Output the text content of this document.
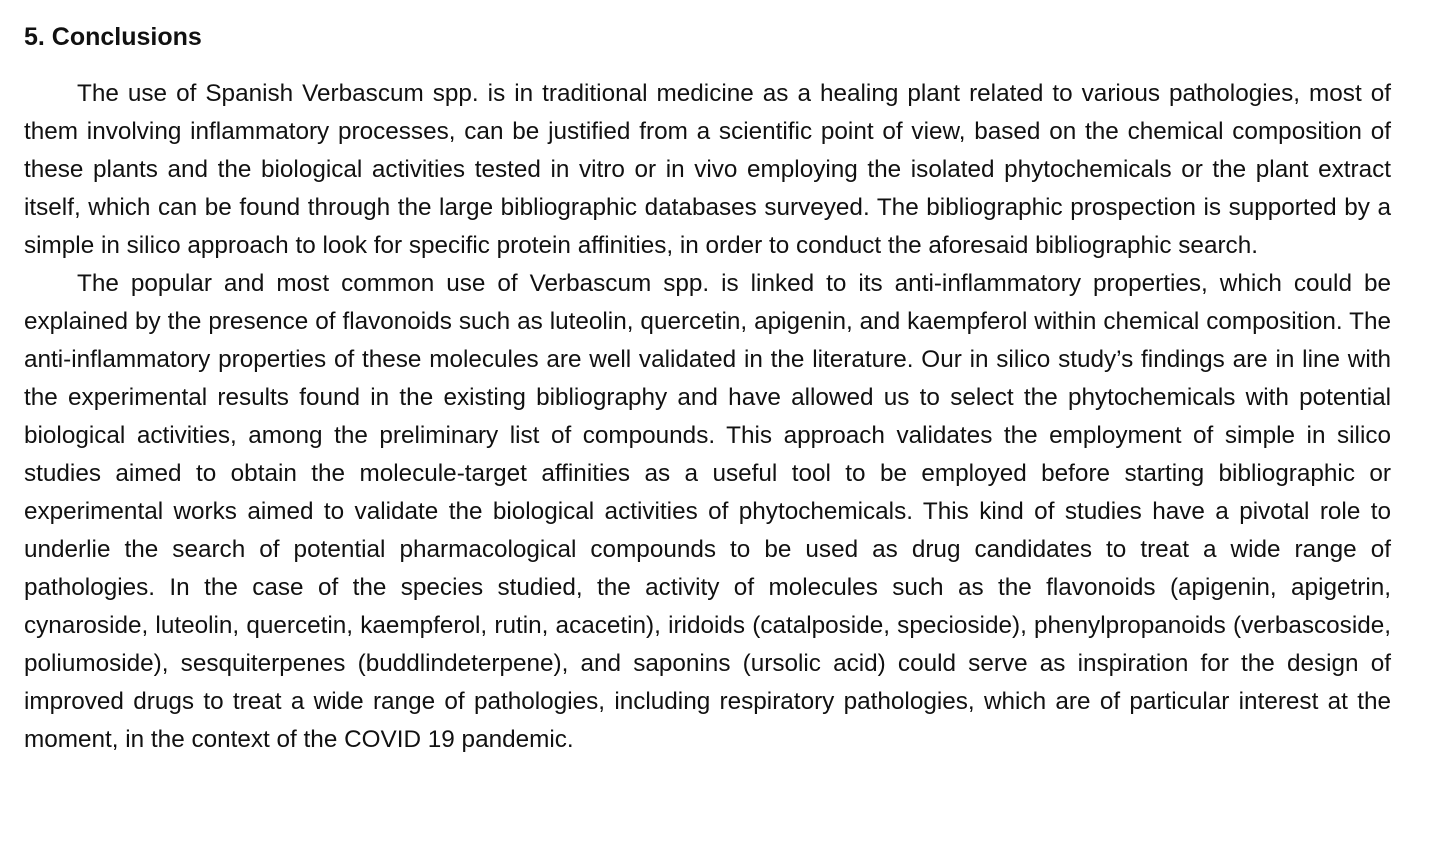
5. Conclusions

The use of Spanish Verbascum spp. is in traditional medicine as a healing plant related to various pathologies, most of them involving inflammatory processes, can be justified from a scientific point of view, based on the chemical composition of these plants and the biological activities tested in vitro or in vivo employing the isolated phytochemicals or the plant extract itself, which can be found through the large bibliographic databases surveyed. The bibliographic prospection is supported by a simple in silico approach to look for specific protein affinities, in order to conduct the aforesaid bibliographic search.

The popular and most common use of Verbascum spp. is linked to its anti-inflammatory properties, which could be explained by the presence of flavonoids such as luteolin, quercetin, apigenin, and kaempferol within chemical composition. The anti-inflammatory properties of these molecules are well validated in the literature. Our in silico study’s findings are in line with the experimental results found in the existing bibliography and have allowed us to select the phytochemicals with potential biological activities, among the preliminary list of compounds. This approach validates the employment of simple in silico studies aimed to obtain the molecule-target affinities as a useful tool to be employed before starting bibliographic or experimental works aimed to validate the biological activities of phytochemicals. This kind of studies have a pivotal role to underlie the search of potential pharmacological compounds to be used as drug candidates to treat a wide range of pathologies. In the case of the species studied, the activity of molecules such as the flavonoids (apigenin, apigetrin, cynaroside, luteolin, quercetin, kaempferol, rutin, acacetin), iridoids (catalposide, specioside), phenylpropanoids (verbascoside, poliumoside), sesquiterpenes (buddlindeterpene), and saponins (ursolic acid) could serve as inspiration for the design of improved drugs to treat a wide range of pathologies, including respiratory pathologies, which are of particular interest at the moment, in the context of the COVID 19 pandemic.
